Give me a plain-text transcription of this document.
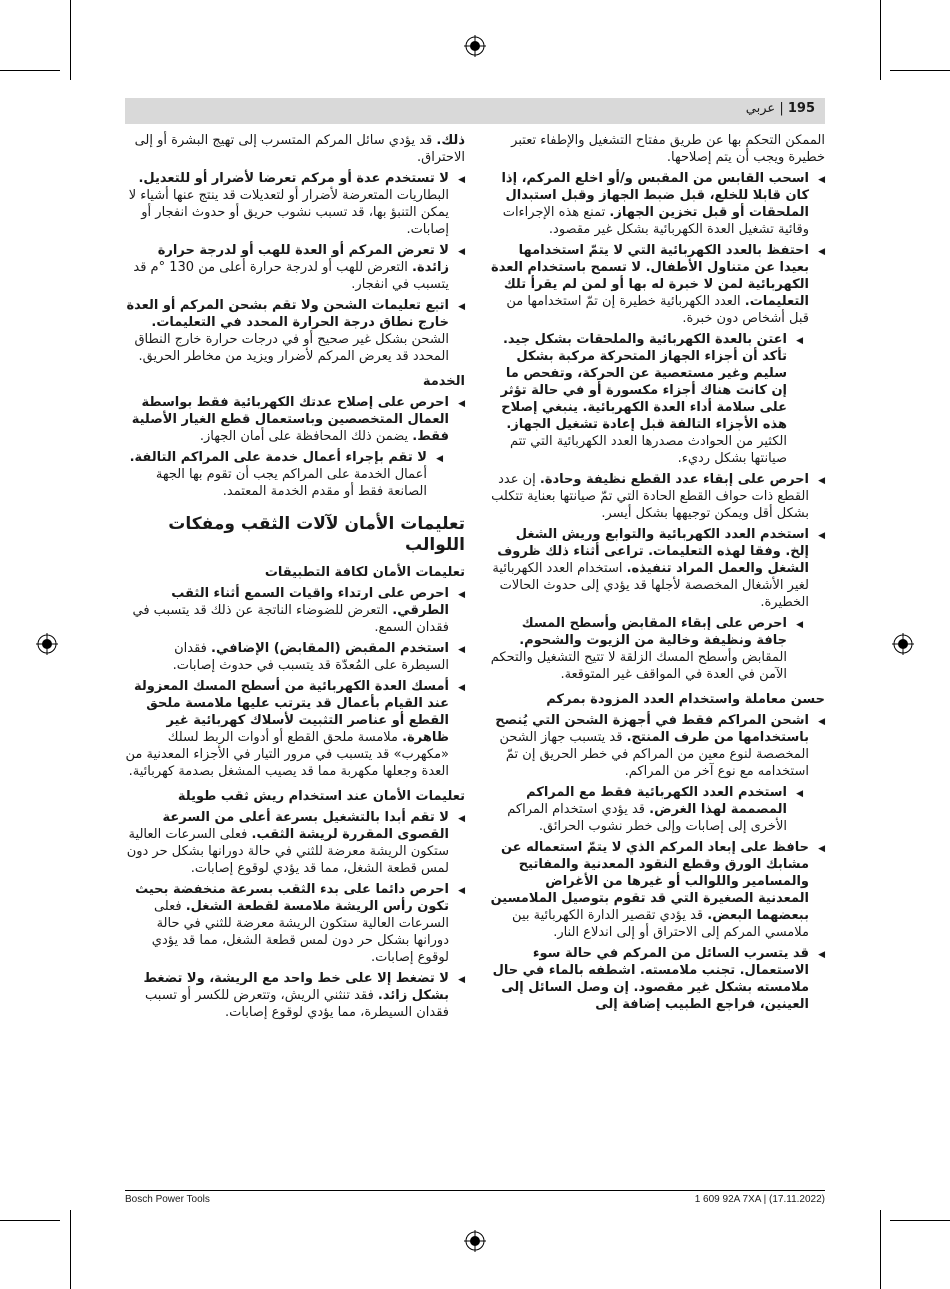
195 | عربي
الممكن التحكم بها عن طريق مفتاح التشغيل والإطفاء تعتبر خطيرة ويجب أن يتم إصلاحها.
◀
اسحب القابس من المقبس و/أو اخلع المركم، إذا كان قابلا للخلع، قبل ضبط الجهاز وقبل استبدال الملحقات أو قبل تخزين الجهاز. تمنع هذه الإجراءات وقائية تشغيل العدة الكهربائية بشكل غير مقصود.
◀
احتفظ بالعدد الكهربائية التي لا يتمّ استخدامها بعيدا عن متناول الأطفال. لا تسمح باستخدام العدة الكهربائية لمن لا خبرة له بها أو لمن لم يقرأ تلك التعليمات. العدد الكهربائية خطيرة إن تمّ استخدامها من قبل أشخاص دون خبرة.
◀
اعتن بالعدة الكهربائية والملحقات بشكل جيد. تأكد أن أجزاء الجهاز المتحركة مركبة بشكل سليم وغير مستعصية عن الحركة، وتفحص ما إن كانت هناك أجزاء مكسورة أو في حالة تؤثر على سلامة أداء العدة الكهربائية. ينبغي إصلاح هذه الأجزاء التالفة قبل إعادة تشغيل الجهاز. الكثير من الحوادث مصدرها العدد الكهربائية التي تتم صيانتها بشكل رديء.
◀
احرص على إبقاء عدد القطع نظيفة وحادة. إن عدد القطع ذات حواف القطع الحادة التي تمّ صيانتها بعناية تتكلب بشكل أقل ويمكن توجيهها بشكل أيسر.
◀
استخدم العدد الكهربائية والتوابع وريش الشغل إلخ. وفقا لهذه التعليمات. تراعى أثناء ذلك ظروف الشغل والعمل المراد تنفيذه. استخدام العدد الكهربائية لغير الأشغال المخصصة لأجلها قد يؤدي إلى حدوث الحالات الخطيرة.
◀
احرص على إبقاء المقابض وأسطح المسك جافة ونظيفة وخالية من الزيوت والشحوم. المقابض وأسطح المسك الزلقة لا تتيح التشغيل والتحكم الآمن في العدة في المواقف غير المتوقعة.
حسن معاملة واستخدام العدد المزودة بمركم
◀
اشحن المراكم فقط في أجهزة الشحن التي يُنصح باستخدامها من طرف المنتج. قد يتسبب جهاز الشحن المخصصة لنوع معين من المراكم في خطر الحريق إن تمّ استخدامه مع نوع آخر من المراكم.
◀
استخدم العدد الكهربائية فقط مع المراكم المصممة لهذا الغرض. قد يؤدي استخدام المراكم الأخرى إلى إصابات وإلى خطر نشوب الحرائق.
◀
حافظ على إبعاد المركم الذي لا يتمّ استعماله عن مشابك الورق وقطع النقود المعدنية والمفاتيح والمسامير واللوالب أو غيرها من الأغراض المعدنية الصغيرة التي قد تقوم بتوصيل الملامسين ببعضهما البعض. قد يؤدي تقصير الدارة الكهربائية بين ملامسي المركم إلى الاحتراق أو إلى اندلاع النار.
◀
قد يتسرب السائل من المركم في حالة سوء الاستعمال. تجنب ملامسته. اشطفه بالماء في حال ملامسته بشكل غير مقصود. إن وصل السائل إلى العينين، فراجع الطبيب إضافة إلى
ذلك. قد يؤدي سائل المركم المتسرب إلى تهيج البشرة أو إلى الاحتراق.
◀
لا تستخدم عدة أو مركم تعرضا لأضرار أو للتعديل. البطاريات المتعرضة لأضرار أو لتعديلات قد ينتج عنها أشياء لا يمكن التنبؤ بها، قد تسبب نشوب حريق أو حدوث انفجار أو إصابات.
◀
لا تعرض المركم أو العدة للهب أو لدرجة حرارة زائدة. التعرض للهب أو لدرجة حرارة أعلى من 130 °م قد يتسبب في انفجار.
◀
اتبع تعليمات الشحن ولا تقم بشحن المركم أو العدة خارج نطاق درجة الحرارة المحدد في التعليمات. الشحن بشكل غير صحيح أو في درجات حرارة خارج النطاق المحدد قد يعرض المركم لأضرار ويزيد من مخاطر الحريق.
الخدمة
◀
احرص على إصلاح عدتك الكهربائية فقط بواسطة العمال المتخصصين وباستعمال قطع الغيار الأصلية فقط. يضمن ذلك المحافظة على أمان الجهاز.
◀
لا تقم بإجراء أعمال خدمة على المراكم التالفة. أعمال الخدمة على المراكم يجب أن تقوم بها الجهة الصانعة فقط أو مقدم الخدمة المعتمد.
تعليمات الأمان لآلات الثقب ومفكات اللوالب
تعليمات الأمان لكافة التطبيقات
◀
احرص على ارتداء واقيات السمع أثناء الثقب الطرقي. التعرض للضوضاء الناتجة عن ذلك قد يتسبب في فقدان السمع.
◀
استخدم المقبض (المقابض) الإضافي. فقدان السيطرة على المُعدّة قد يتسبب في حدوث إصابات.
◀
أمسك العدة الكهربائية من أسطح المسك المعزولة عند القيام بأعمال قد يترتب عليها ملامسة ملحق القطع أو عناصر التثبيت لأسلاك كهربائية غير ظاهرة. ملامسة ملحق القطع أو أدوات الربط لسلك «مكهرب» قد يتسبب في مرور التيار في الأجزاء المعدنية من العدة وجعلها مكهربة مما قد يصيب المشغل بصدمة كهربائية.
تعليمات الأمان عند استخدام ريش ثقب طويلة
◀
لا تقم أبدا بالتشغيل بسرعة أعلى من السرعة القصوى المقررة لريشة الثقب. فعلى السرعات العالية ستكون الريشة معرضة للثني في حالة دورانها بشكل حر دون لمس قطعة الشغل، مما قد يؤدي لوقوع إصابات.
◀
احرص دائما على بدء الثقب بسرعة منخفضة بحيث تكون رأس الريشة ملامسة لقطعة الشغل. فعلى السرعات العالية ستكون الريشة معرضة للثني في حالة دورانها بشكل حر دون لمس قطعة الشغل، مما قد يؤدي لوقوع إصابات.
◀
لا تضغط إلا على خط واحد مع الريشة، ولا تضغط بشكل زائد. فقد تنثني الريش، وتتعرض للكسر أو تسبب فقدان السيطرة، مما يؤدي لوقوع إصابات.
Bosch Power Tools	1 609 92A 7XA | (17.11.2022)
